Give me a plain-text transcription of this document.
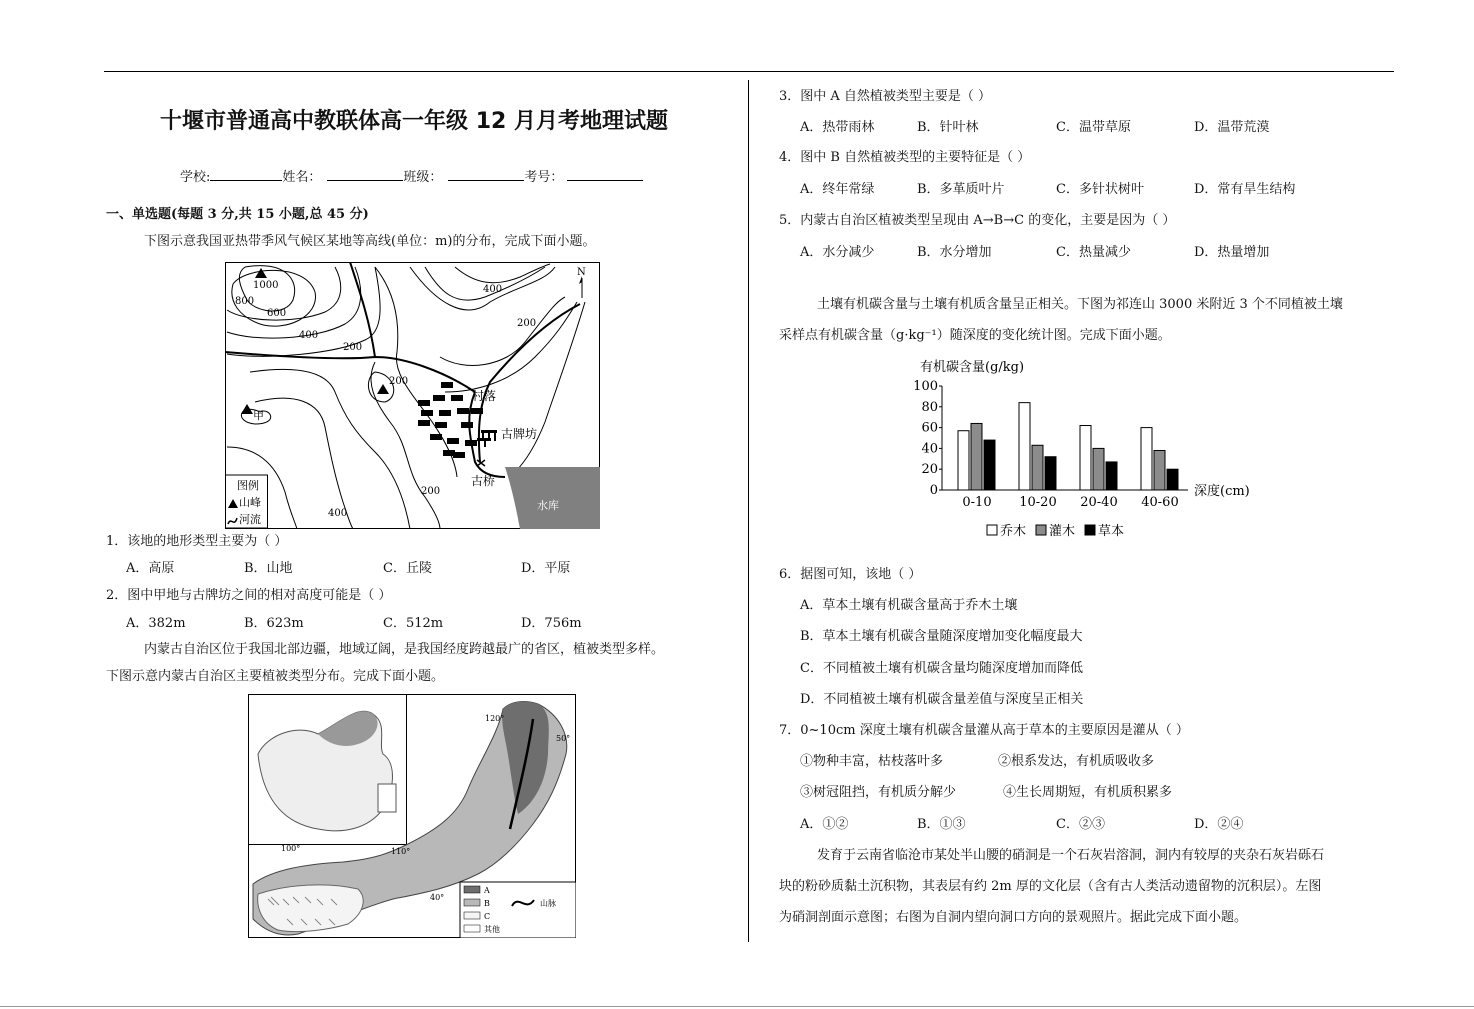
十堰市普通高中教联体高一年级 12 月月考地理试题
学校:	姓名：	班级：	考号：
一、单选题(每题 3 分,共 15 小题,总 45 分)
下图示意我国亚热带季风气候区某地等高线(单位：m)的分布，完成下面小题。
水库
村落
古牌坊
古桥
N
1000
800
600
400
200
400
200
200
400
200
甲
图例
山峰
河流
1．该地的地形类型主要为（ ）
A．高原	B．山地	C．丘陵	D．平原
2．图中甲地与古牌坊之间的相对高度可能是（ ）
A．382m	B．623m	C．512m	D．756m
内蒙古自治区位于我国北部边疆，地域辽阔，是我国经度跨越最广的省区，植被类型多样。
下图示意内蒙古自治区主要植被类型分布。完成下面小题。
120°
50°
110°
100°
40°
A
B
C
其他
山脉
3．图中 A 自然植被类型主要是（ ）
A．热带雨林	B．针叶林	C．温带草原	D．温带荒漠
4．图中 B 自然植被类型的主要特征是（ ）
A．终年常绿	B．多革质叶片	C．多针状树叶	D．常有旱生结构
5．内蒙古自治区植被类型呈现由 A→B→C 的变化，主要是因为（ ）
A．水分减少	B．水分增加	C．热量减少	D．热量增加
土壤有机碳含量与土壤有机质含量呈正相关。下图为祁连山 3000 米附近 3 个不同植被土壤
采样点有机碳含量（g·kg⁻¹）随深度的变化统计图。完成下面小题。
有机碳含量(g/kg)
0
20
40
60
80
100
0-10 10-20 20-40 40-60
深度(cm)
乔木 灌木 草本
6．据图可知，该地（ ）
A．草本土壤有机碳含量高于乔木土壤
B．草本土壤有机碳含量随深度增加变化幅度最大
C．不同植被土壤有机碳含量均随深度增加而降低
D．不同植被土壤有机碳含量差值与深度呈正相关
7．0~10cm 深度土壤有机碳含量灌从高于草本的主要原因是灌从（ ）
①物种丰富，枯枝落叶多	②根系发达，有机质吸收多
③树冠阻挡，有机质分解少	④生长周期短，有机质积累多
A．①②	B．①③	C．②③	D．②④
发育于云南省临沧市某处半山腰的硝洞是一个石灰岩溶洞，洞内有较厚的夹杂石灰岩砾石
块的粉砂质黏土沉积物，其表层有约 2m 厚的文化层（含有古人类活动遗留物的沉积层）。左图
为硝洞剖面示意图；右图为自洞内望向洞口方向的景观照片。据此完成下面小题。
